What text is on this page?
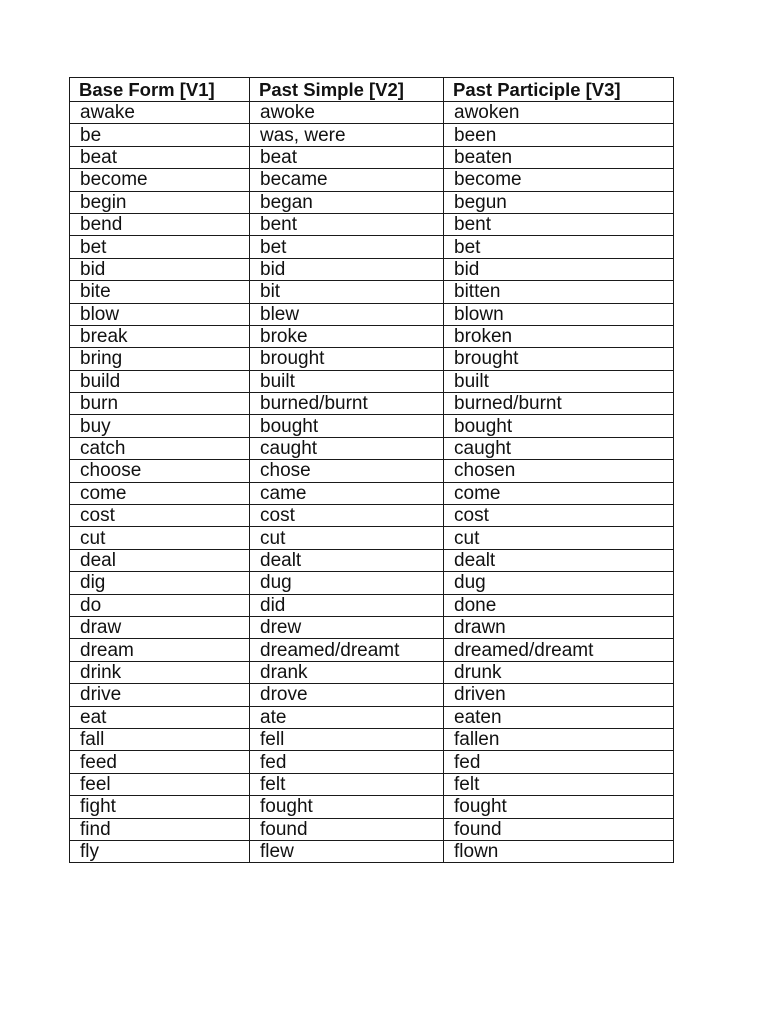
Base Form [V1]	Past Simple [V2]	Past Participle [V3]
awake	awoke	awoken
be	was, were	been
beat	beat	beaten
become	became	become
begin	began	begun
bend	bent	bent
bet	bet	bet
bid	bid	bid
bite	bit	bitten
blow	blew	blown
break	broke	broken
bring	brought	brought
build	built	built
burn	burned/burnt	burned/burnt
buy	bought	bought
catch	caught	caught
choose	chose	chosen
come	came	come
cost	cost	cost
cut	cut	cut
deal	dealt	dealt
dig	dug	dug
do	did	done
draw	drew	drawn
dream	dreamed/dreamt	dreamed/dreamt
drink	drank	drunk
drive	drove	driven
eat	ate	eaten
fall	fell	fallen
feed	fed	fed
feel	felt	felt
fight	fought	fought
find	found	found
fly	flew	flown
